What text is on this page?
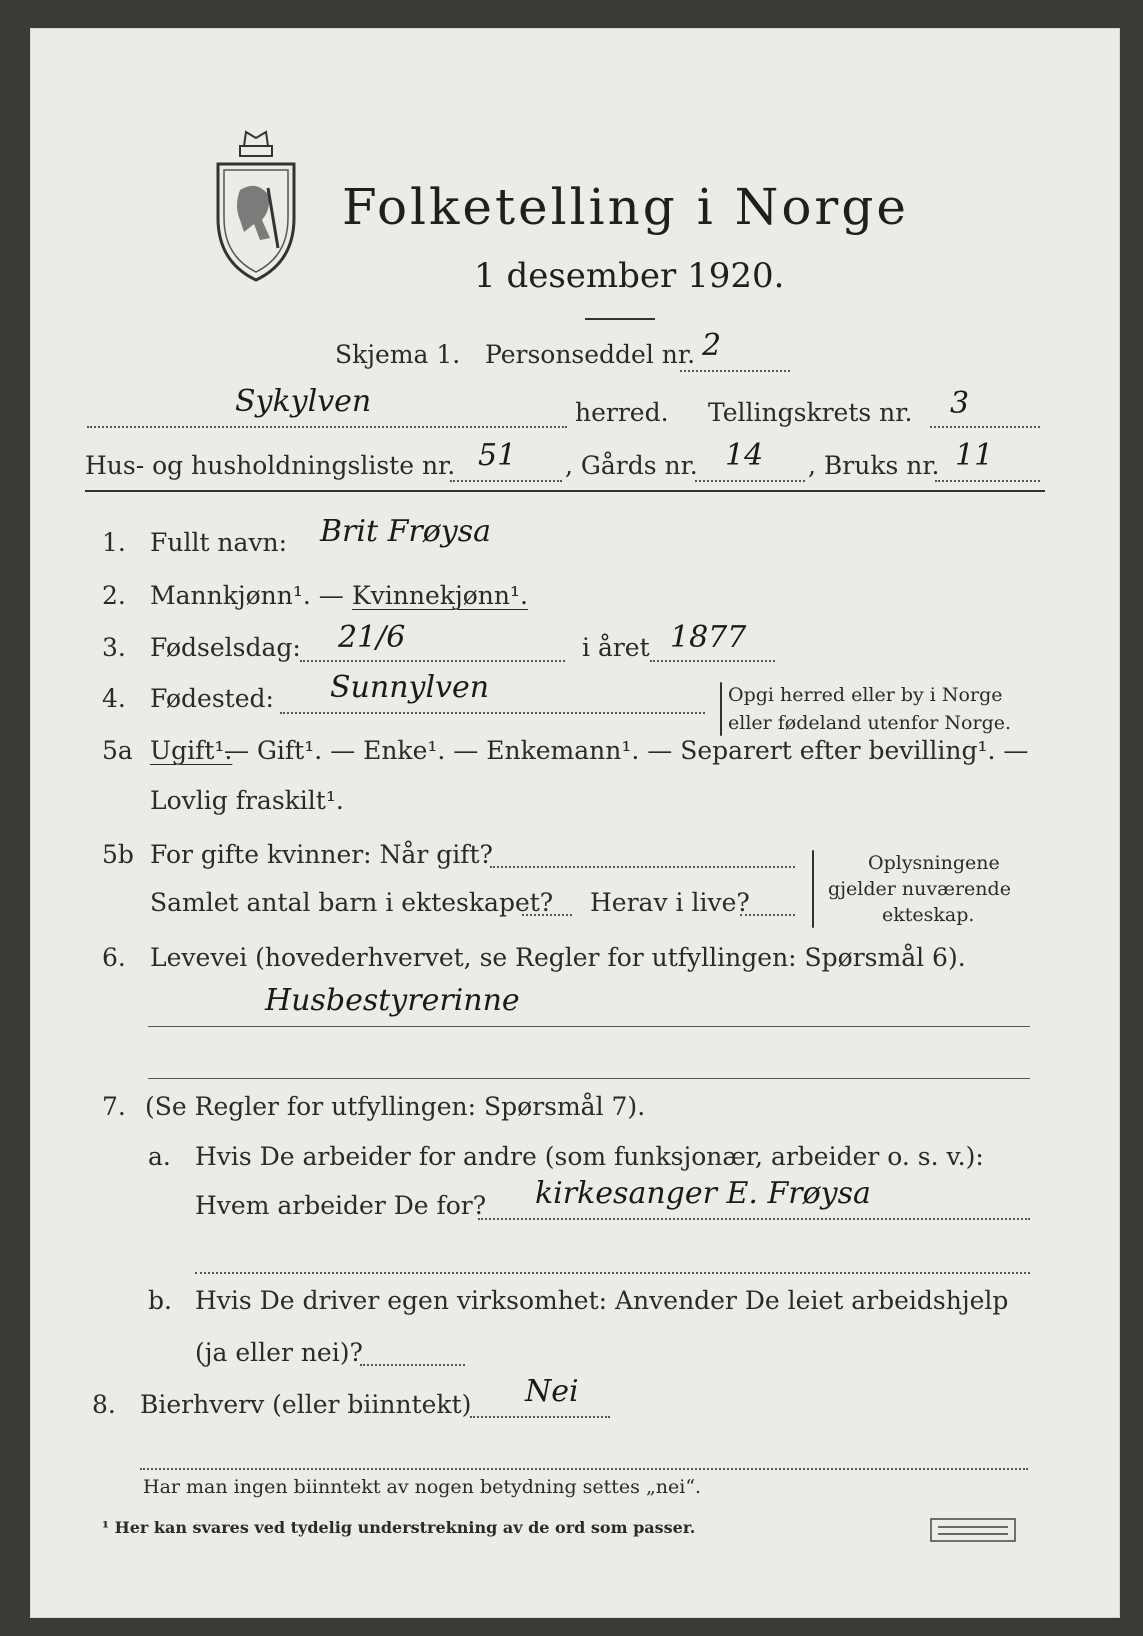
Folketelling i Norge
1 desember 1920.
Skjema 1. Personseddel nr. 2
Sykylven	herred. Tellingskrets nr. 3
Hus- og husholdningsliste nr. 51 , Gårds nr. 14 , Bruks nr. 11
1. Fullt navn: Brit Frøysa
2. Mannkjønn¹. — Kvinnekjønn¹.
3. Fødselsdag: 21/6	i året 1877
4. Fødested: Sunnylven	Opgi herred eller by i Norge
eller fødeland utenfor Norge.
5a Ugift¹.
— Gift¹. — Enke¹. — Enkemann¹. — Separert efter bevilling¹. —
Lovlig fraskilt¹.
5b For gifte kvinner: Når gift?
Samlet antal barn i ekteskapet? Herav i live?
Oplysningene
gjelder nuværende
ekteskap.
6. Levevei (hovederhvervet, se Regler for utfyllingen: Spørsmål 6).
Husbestyrerinne
7. (Se Regler for utfyllingen: Spørsmål 7).
a. Hvis De arbeider for andre (som funksjonær, arbeider o. s. v.):
Hvem arbeider De for? kirkesanger E. Frøysa
b. Hvis De driver egen virksomhet: Anvender De leiet arbeidshjelp
(ja eller nei)?
8. Bierhverv (eller biinntekt) Nei
Har man ingen biinntekt av nogen betydning settes „nei“.
¹ Her kan svares ved tydelig understrekning av de ord som passer.
